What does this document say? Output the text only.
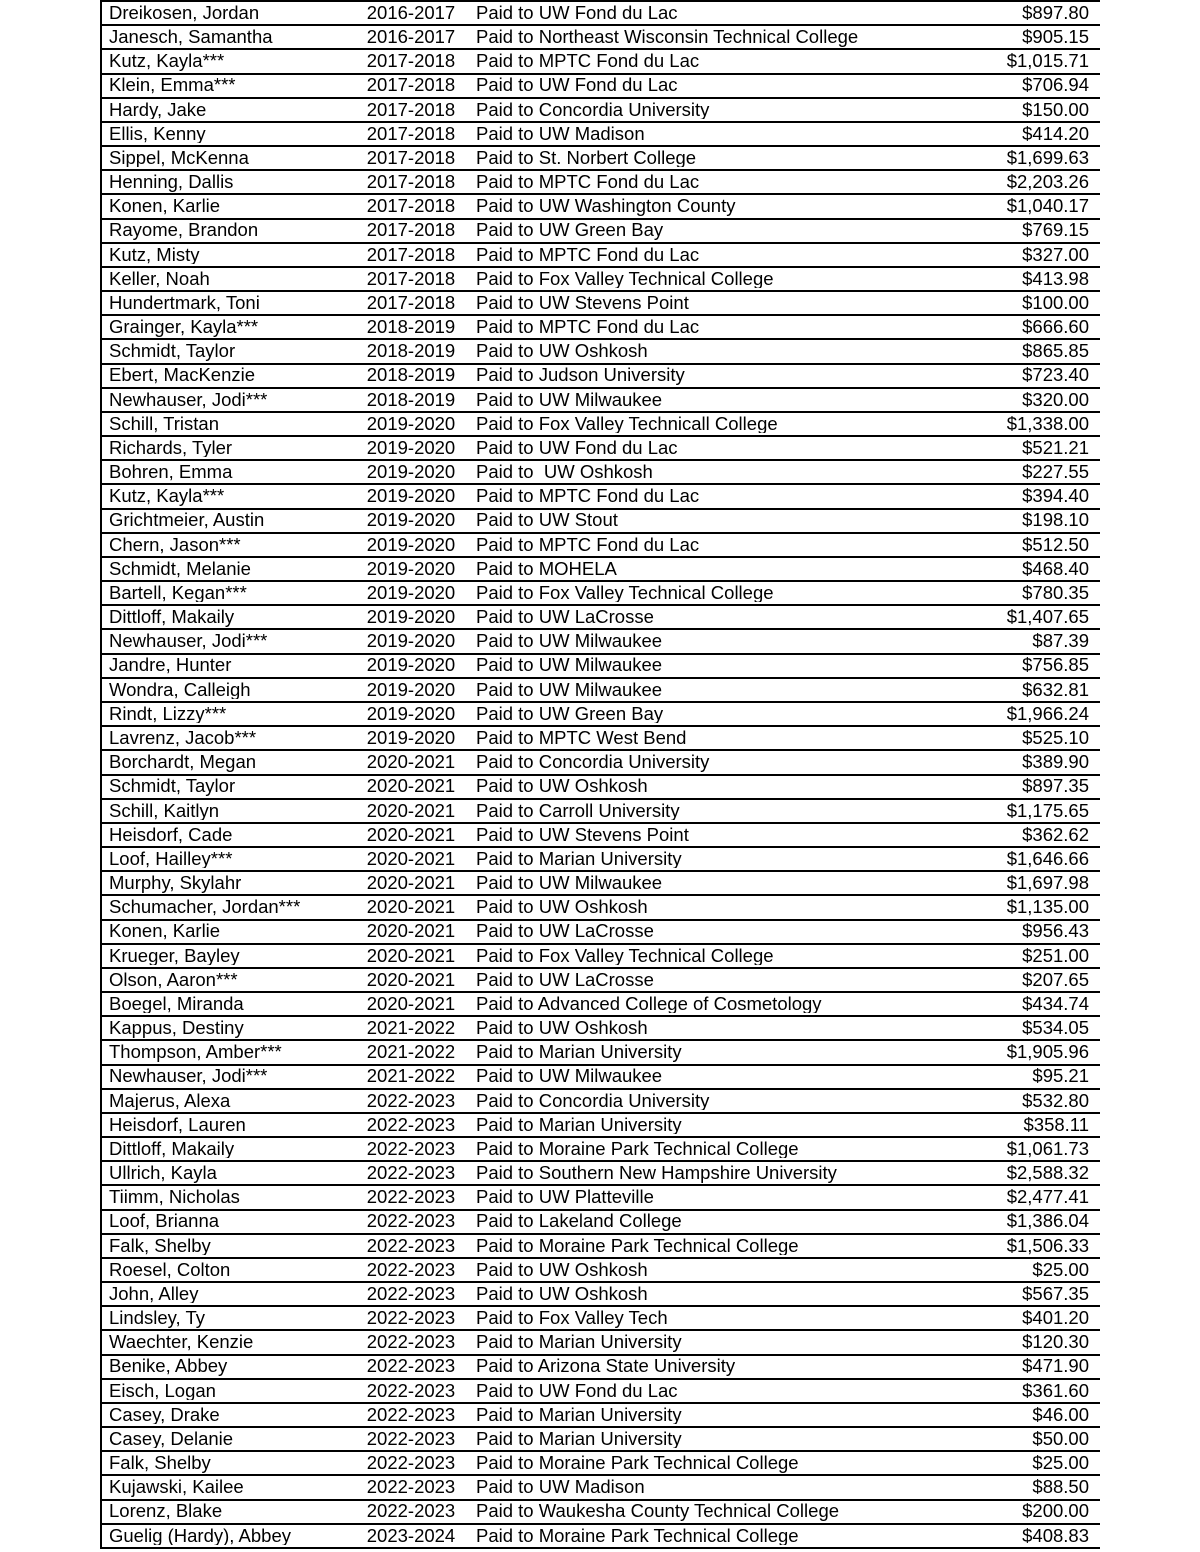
Dreikosen, Jordan	2016-2017	Paid to UW Fond du Lac	$897.80
Janesch, Samantha	2016-2017	Paid to Northeast Wisconsin Technical College	$905.15
Kutz, Kayla***	2017-2018	Paid to MPTC Fond du Lac	$1,015.71
Klein, Emma***	2017-2018	Paid to UW Fond du Lac	$706.94
Hardy, Jake	2017-2018	Paid to Concordia University	$150.00
Ellis, Kenny	2017-2018	Paid to UW Madison	$414.20
Sippel, McKenna	2017-2018	Paid to St. Norbert College	$1,699.63
Henning, Dallis	2017-2018	Paid to MPTC Fond du Lac	$2,203.26
Konen, Karlie	2017-2018	Paid to UW Washington County	$1,040.17
Rayome, Brandon	2017-2018	Paid to UW Green Bay	$769.15
Kutz, Misty	2017-2018	Paid to MPTC Fond du Lac	$327.00
Keller, Noah	2017-2018	Paid to Fox Valley Technical College	$413.98
Hundertmark, Toni	2017-2018	Paid to UW Stevens Point	$100.00
Grainger, Kayla***	2018-2019	Paid to MPTC Fond du Lac	$666.60
Schmidt, Taylor	2018-2019	Paid to UW Oshkosh	$865.85
Ebert, MacKenzie	2018-2019	Paid to Judson University	$723.40
Newhauser, Jodi***	2018-2019	Paid to UW Milwaukee	$320.00
Schill, Tristan	2019-2020	Paid to Fox Valley Technicall College	$1,338.00
Richards, Tyler	2019-2020	Paid to UW Fond du Lac	$521.21
Bohren, Emma	2019-2020	Paid to  UW Oshkosh	$227.55
Kutz, Kayla***	2019-2020	Paid to MPTC Fond du Lac	$394.40
Grichtmeier, Austin	2019-2020	Paid to UW Stout	$198.10
Chern, Jason***	2019-2020	Paid to MPTC Fond du Lac	$512.50
Schmidt, Melanie	2019-2020	Paid to MOHELA	$468.40
Bartell, Kegan***	2019-2020	Paid to Fox Valley Technical College	$780.35
Dittloff, Makaily	2019-2020	Paid to UW LaCrosse	$1,407.65
Newhauser, Jodi***	2019-2020	Paid to UW Milwaukee	$87.39
Jandre, Hunter	2019-2020	Paid to UW Milwaukee	$756.85
Wondra, Calleigh	2019-2020	Paid to UW Milwaukee	$632.81
Rindt, Lizzy***	2019-2020	Paid to UW Green Bay	$1,966.24
Lavrenz, Jacob***	2019-2020	Paid to MPTC West Bend	$525.10
Borchardt, Megan	2020-2021	Paid to Concordia University	$389.90
Schmidt, Taylor	2020-2021	Paid to UW Oshkosh	$897.35
Schill, Kaitlyn	2020-2021	Paid to Carroll University	$1,175.65
Heisdorf, Cade	2020-2021	Paid to UW Stevens Point	$362.62
Loof, Hailley***	2020-2021	Paid to Marian University	$1,646.66
Murphy, Skylahr	2020-2021	Paid to UW Milwaukee	$1,697.98
Schumacher, Jordan***	2020-2021	Paid to UW Oshkosh	$1,135.00
Konen, Karlie	2020-2021	Paid to UW LaCrosse	$956.43
Krueger, Bayley	2020-2021	Paid to Fox Valley Technical College	$251.00
Olson, Aaron***	2020-2021	Paid to UW LaCrosse	$207.65
Boegel, Miranda	2020-2021	Paid to Advanced College of Cosmetology	$434.74
Kappus, Destiny	2021-2022	Paid to UW Oshkosh	$534.05
Thompson, Amber***	2021-2022	Paid to Marian University	$1,905.96
Newhauser, Jodi***	2021-2022	Paid to UW Milwaukee	$95.21
Majerus, Alexa	2022-2023	Paid to Concordia University	$532.80
Heisdorf, Lauren	2022-2023	Paid to Marian University	$358.11
Dittloff, Makaily	2022-2023	Paid to Moraine Park Technical College	$1,061.73
Ullrich, Kayla	2022-2023	Paid to Southern New Hampshire University	$2,588.32
Tiimm, Nicholas	2022-2023	Paid to UW Platteville	$2,477.41
Loof, Brianna	2022-2023	Paid to Lakeland College	$1,386.04
Falk, Shelby	2022-2023	Paid to Moraine Park Technical College	$1,506.33
Roesel, Colton	2022-2023	Paid to UW Oshkosh	$25.00
John, Alley	2022-2023	Paid to UW Oshkosh	$567.35
Lindsley, Ty	2022-2023	Paid to Fox Valley Tech	$401.20
Waechter, Kenzie	2022-2023	Paid to Marian University	$120.30
Benike, Abbey	2022-2023	Paid to Arizona State University	$471.90
Eisch, Logan	2022-2023	Paid to UW Fond du Lac	$361.60
Casey, Drake	2022-2023	Paid to Marian University	$46.00
Casey, Delanie	2022-2023	Paid to Marian University	$50.00
Falk, Shelby	2022-2023	Paid to Moraine Park Technical College	$25.00
Kujawski, Kailee	2022-2023	Paid to UW Madison	$88.50
Lorenz, Blake	2022-2023	Paid to Waukesha County Technical College	$200.00
Guelig (Hardy), Abbey	2023-2024	Paid to Moraine Park Technical College	$408.83
